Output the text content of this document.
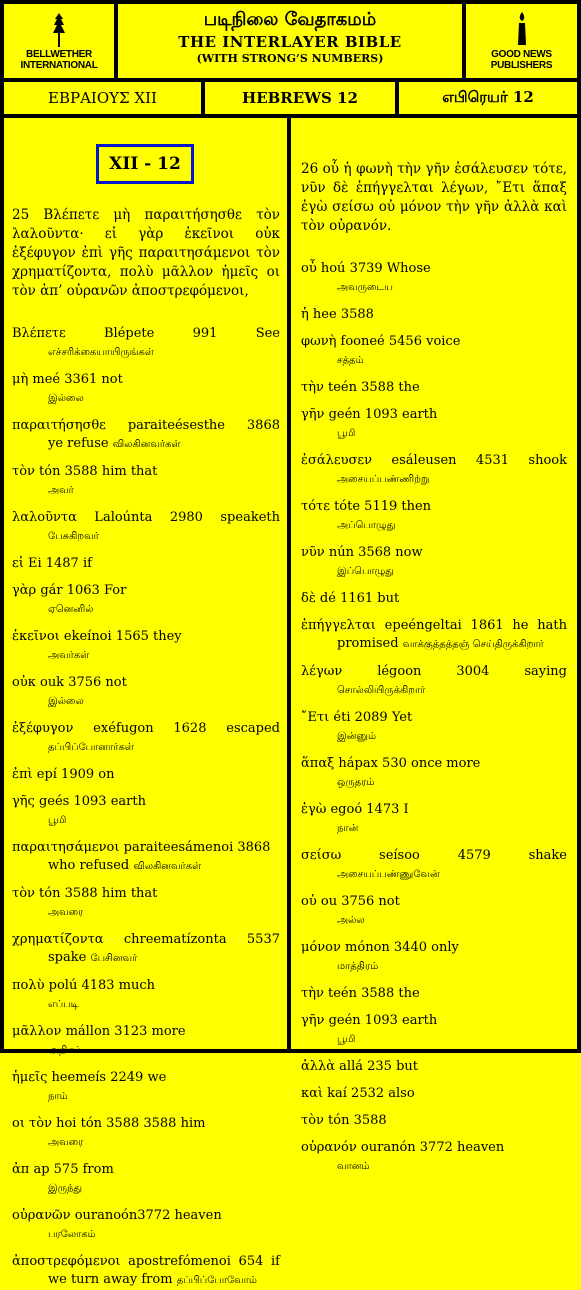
BELLWETHER
INTERNATIONAL
படிநிலை வேதாகமம்
THE INTERLAYER BIBLE
(WITH STRONG’S NUMBERS)	GOOD NEWS
PUBLISHERS
ΕΒΡΑΙΟΥΣ XII	HEBREWS 12	எபிரெயர் 12
25 Βλέπετε μὴ παραιτήσησθε τὸν λαλοῦντα· εἰ γὰρ ἐκεῖνοι οὐκ ἐξέφυγον ἐπὶ γῆς παραιτησάμενοι τὸν χρηματίζοντα, πολὺ μᾶλλον ἡμεῖς οι τὸν ἀπ’ οὐρανῶν ἀποστρεφόμενοι,
Βλέπετε Blépete 991 See
எச்சரிக்கையாயிருங்கள்
μὴ meé 3361 not
இல்லை
παραιτήσησθε paraiteésesthe 3868
ye refuse விலகினவர்கள்
τὸν tón 3588 him that
அவர்
λαλοῦντα Laloúnta 2980 speaketh
பேசுகிறவர்
εἰ Ei 1487 if
γὰρ gár 1063 For
ஏனெனில்
ἐκεῖνοι ekeínoi 1565 they
அவர்கள்
οὐκ ouk 3756 not
இல்லை
ἐξέφυγον exéfugon 1628 escaped
தப்பிப்போனார்கள்
ἐπὶ epí 1909 on
γῆς geés 1093 earth
பூமி
παραιτησάμενοι paraiteesámenoi 3868
who refused விலகினவர்கள்
τὸν tón 3588 him that
அவரை
χρηματίζοντα chreematízonta 5537
spake பேசினவர்
πολὺ polú 4183 much
எப்படி
μᾶλλον mállon 3123 more
அதிகம்
ἡμεῖς heemeís 2249 we
நாம்
οι τὸν hoi tón 3588 3588 him
அவரை
ἀπ ap 575 from
இருந்து
οὐρανῶν ouranoón3772 heaven
பரலோகம்
ἀποστρεφόμενοι apostrefómenoi 654 if
we turn away from தப்பிப்போவோம்
XII - 12	26 οὗ ἡ φωνὴ τὴν γῆν ἐσάλευσεν τότε, νῦν δὲ ἐπήγγελται λέγων, ῎Ετι ἅπαξ ἐγὼ σείσω οὐ μόνον τὴν γῆν ἀλλὰ καὶ τὸν οὐρανόν.
οὗ hoú 3739 Whose
அவருடைய
ἡ hee 3588
φωνὴ fooneé 5456 voice
சத்தம்
τὴν teén 3588 the
γῆν geén 1093 earth
பூமி
ἐσάλευσεν esáleusen 4531 shook
அசையப்பண்ணிற்று
τότε tóte 5119 then
அப்பொழுது
νῦν nún 3568 now
இப்பொழுது
δὲ dé 1161 but
ἐπήγγελται epeéngeltai 1861 he hath
promised வாக்குத்தத்தஞ் செய்திருக்கிறார்
λέγων légoon 3004 saying
சொல்லியிருக்கிறார்
῎Ετι éti 2089 Yet
இன்னும்
ἅπαξ hápax 530 once more
ஒருதரம்
ἐγὼ egoó 1473 I
நான்
σείσω seísoo 4579 shake
அசையப்பண்ணுவேன்
οὐ ou 3756 not
அல்ல
μόνον mónon 3440 only
மாத்திரம்
τὴν teén 3588 the
γῆν geén 1093 earth
பூமி
ἀλλὰ allá 235 but
καὶ kaí 2532 also
τὸν tón 3588
οὐρανόν ouranón 3772 heaven
வானம்
